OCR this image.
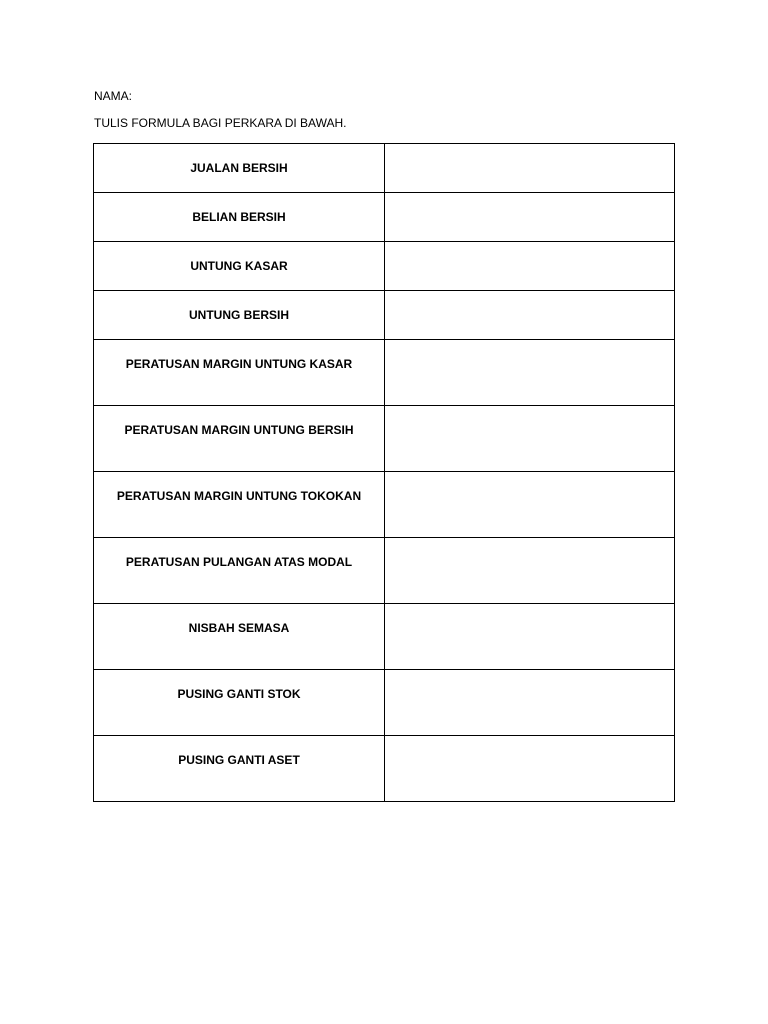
NAMA:
TULIS FORMULA BAGI PERKARA DI BAWAH.
JUALAN BERSIH	

BELIAN BERSIH	

UNTUNG KASAR	

UNTUNG BERSIH	

PERATUSAN MARGIN UNTUNG KASAR	

PERATUSAN MARGIN UNTUNG BERSIH	

PERATUSAN MARGIN UNTUNG TOKOKAN	

PERATUSAN PULANGAN ATAS MODAL	

NISBAH SEMASA	

PUSING GANTI STOK	

PUSING GANTI ASET	
